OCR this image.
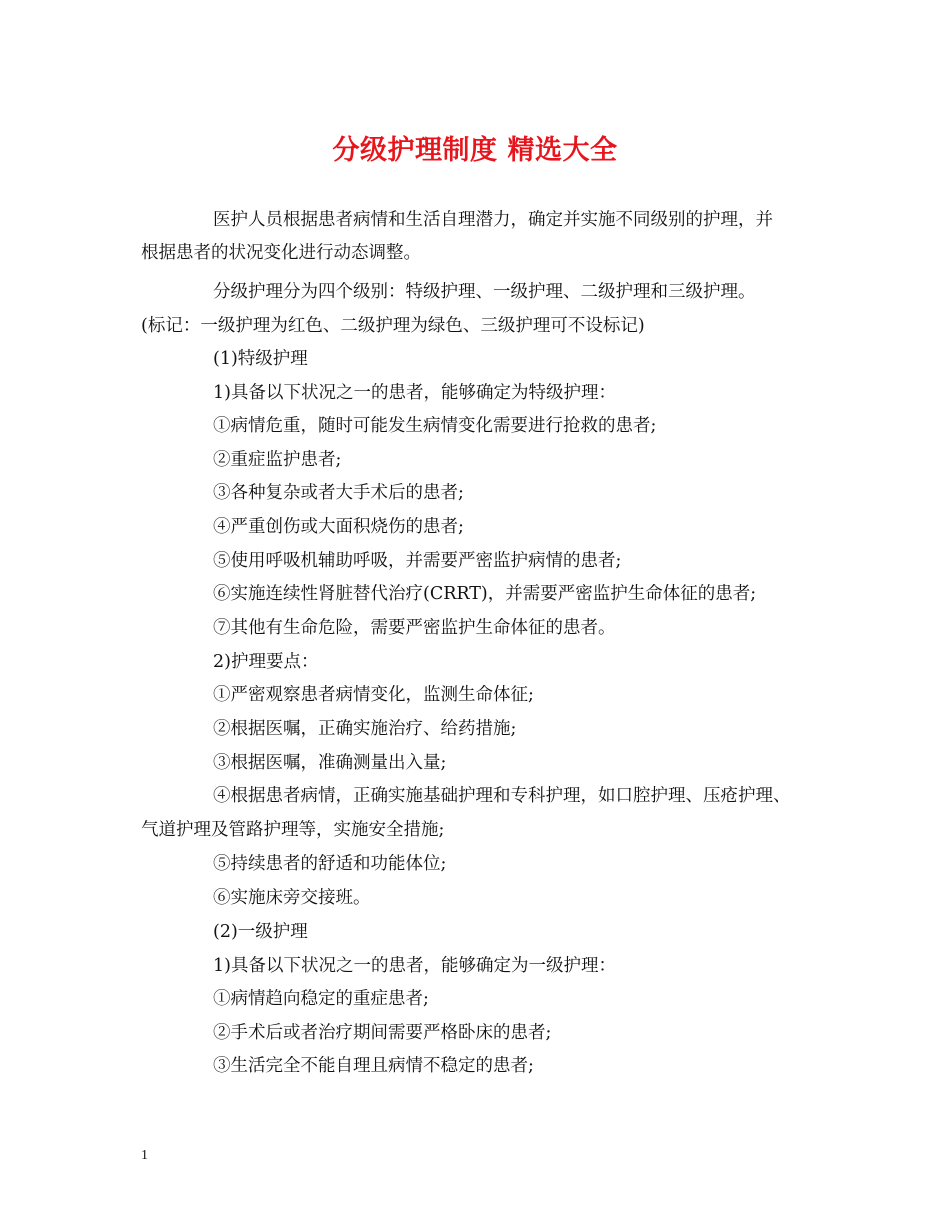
分级护理制度 精选大全
医护人员根据患者病情和生活自理潜力，确定并实施不同级别的护理，并
根据患者的状况变化进行动态调整。
分级护理分为四个级别：特级护理、一级护理、二级护理和三级护理。
(标记：一级护理为红色、二级护理为绿色、三级护理可不设标记)
(1)特级护理
1)具备以下状况之一的患者，能够确定为特级护理：
①病情危重，随时可能发生病情变化需要进行抢救的患者;
②重症监护患者;
③各种复杂或者大手术后的患者;
④严重创伤或大面积烧伤的患者;
⑤使用呼吸机辅助呼吸，并需要严密监护病情的患者;
⑥实施连续性肾脏替代治疗(CRRT)，并需要严密监护生命体征的患者;
⑦其他有生命危险，需要严密监护生命体征的患者。
2)护理要点：
①严密观察患者病情变化，监测生命体征;
②根据医嘱，正确实施治疗、给药措施;
③根据医嘱，准确测量出入量;
④根据患者病情，正确实施基础护理和专科护理，如口腔护理、压疮护理、
气道护理及管路护理等，实施安全措施;
⑤持续患者的舒适和功能体位;
⑥实施床旁交接班。
(2)一级护理
1)具备以下状况之一的患者，能够确定为一级护理：
①病情趋向稳定的重症患者;
②手术后或者治疗期间需要严格卧床的患者;
③生活完全不能自理且病情不稳定的患者;
1
